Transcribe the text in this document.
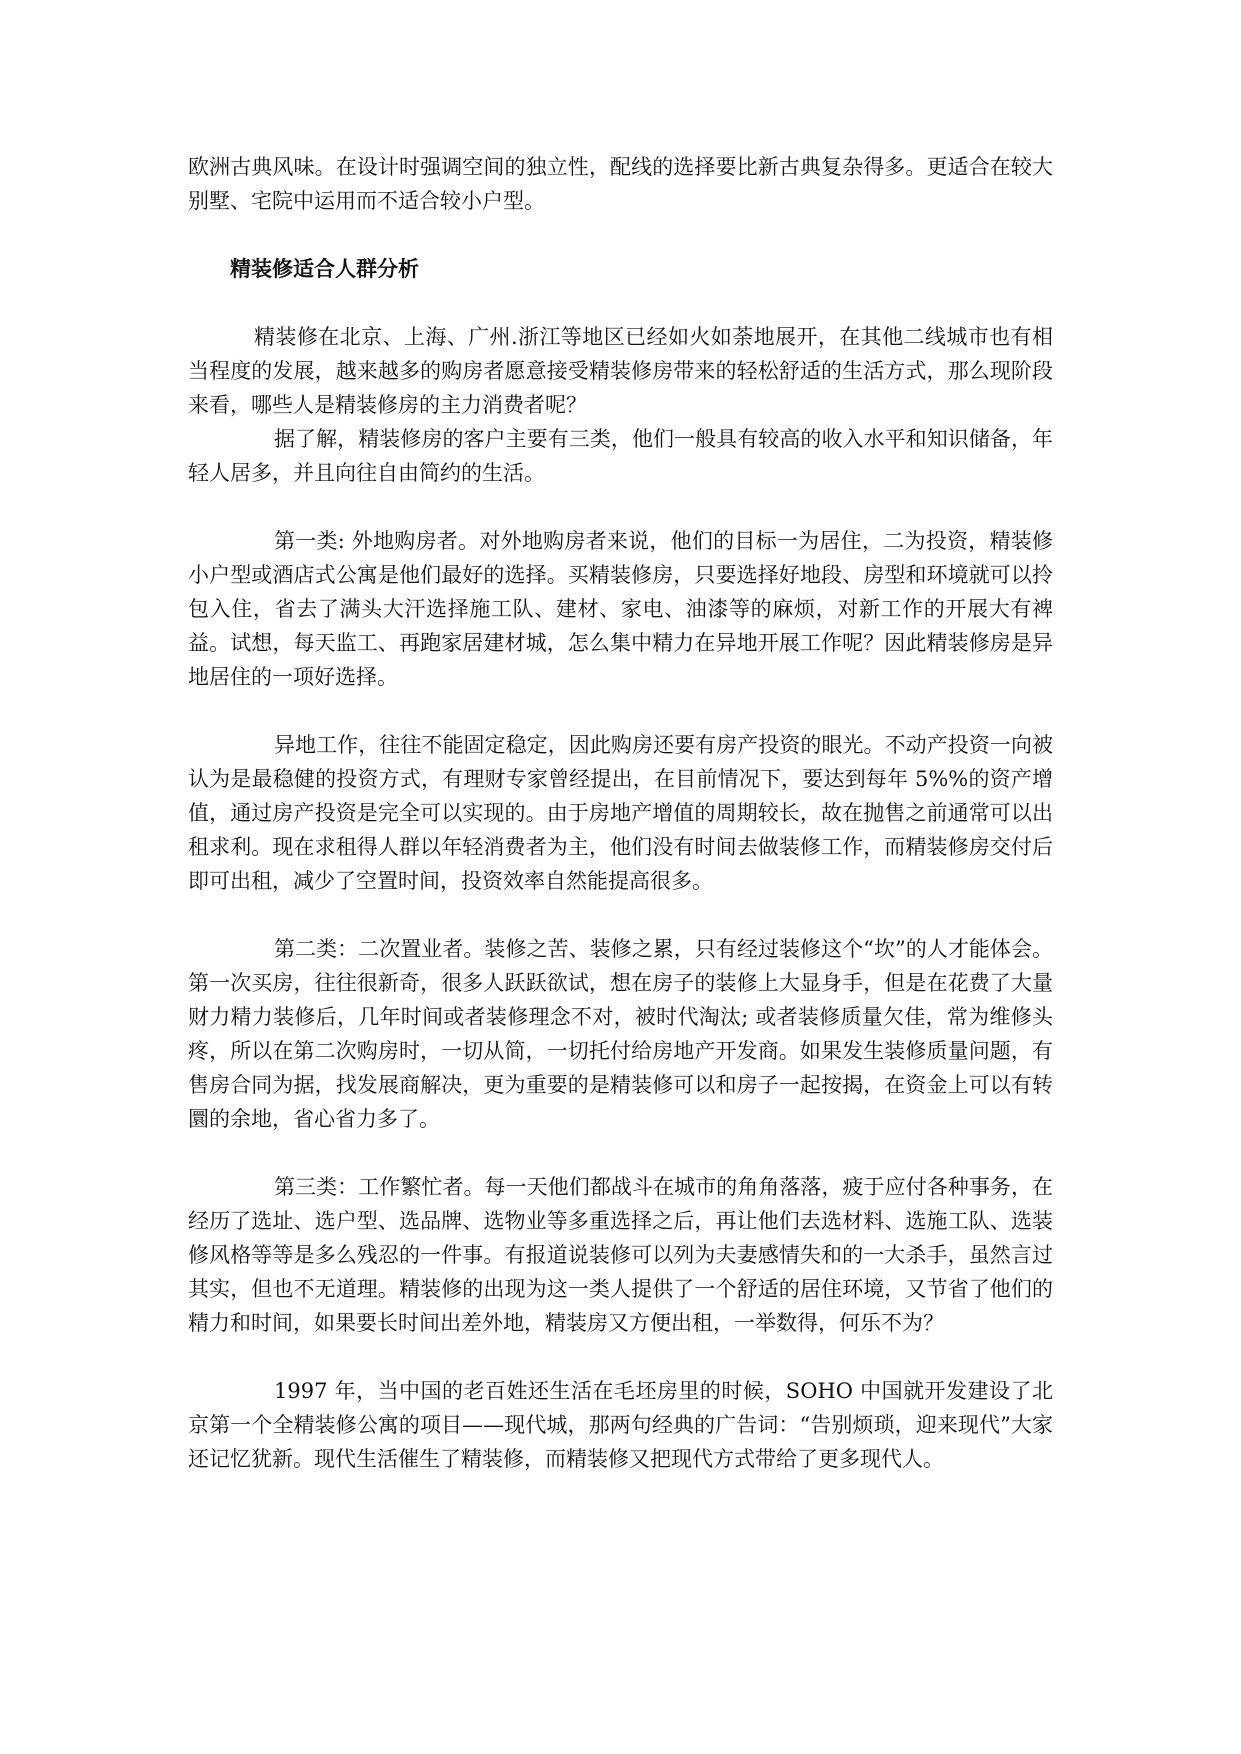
欧洲古典风味。在设计时强调空间的独立性，配线的选择要比新古典复杂得多。更适合在较大别墅、宅院中运用而不适合较小户型。

精装修适合人群分析

精装修在北京、上海、广州.浙江等地区已经如火如荼地展开，在其他二线城市也有相当程度的发展，越来越多的购房者愿意接受精装修房带来的轻松舒适的生活方式，那么现阶段来看，哪些人是精装修房的主力消费者呢？

据了解，精装修房的客户主要有三类，他们一般具有较高的收入水平和知识储备，年轻人居多，并且向往自由简约的生活。

第一类: 外地购房者。对外地购房者来说，他们的目标一为居住，二为投资，精装修小户型或酒店式公寓是他们最好的选择。买精装修房，只要选择好地段、房型和环境就可以拎包入住，省去了满头大汗选择施工队、建材、家电、油漆等的麻烦，对新工作的开展大有裨益。试想，每天监工、再跑家居建材城，怎么集中精力在异地开展工作呢？因此精装修房是异地居住的一项好选择。

异地工作，往往不能固定稳定，因此购房还要有房产投资的眼光。不动产投资一向被认为是最稳健的投资方式，有理财专家曾经提出，在目前情况下，要达到每年 5%%的资产增值，通过房产投资是完全可以实现的。由于房地产增值的周期较长，故在抛售之前通常可以出租求利。现在求租得人群以年轻消费者为主，他们没有时间去做装修工作，而精装修房交付后即可出租，减少了空置时间，投资效率自然能提高很多。

第二类：二次置业者。装修之苦、装修之累，只有经过装修这个“坎”的人才能体会。第一次买房，往往很新奇，很多人跃跃欲试，想在房子的装修上大显身手，但是在花费了大量财力精力装修后，几年时间或者装修理念不对，被时代淘汰; 或者装修质量欠佳，常为维修头疼，所以在第二次购房时，一切从简，一切托付给房地产开发商。如果发生装修质量问题，有售房合同为据，找发展商解决，更为重要的是精装修可以和房子一起按揭，在资金上可以有转圜的余地，省心省力多了。

第三类：工作繁忙者。每一天他们都战斗在城市的角角落落，疲于应付各种事务，在经历了选址、选户型、选品牌、选物业等多重选择之后，再让他们去选材料、选施工队、选装修风格等等是多么残忍的一件事。有报道说装修可以列为夫妻感情失和的一大杀手，虽然言过其实，但也不无道理。精装修的出现为这一类人提供了一个舒适的居住环境，又节省了他们的精力和时间，如果要长时间出差外地，精装房又方便出租，一举数得，何乐不为？

1997 年，当中国的老百姓还生活在毛坯房里的时候，SOHO 中国就开发建设了北京第一个全精装修公寓的项目——现代城，那两句经典的广告词：“告别烦琐，迎来现代”大家还记忆犹新。现代生活催生了精装修，而精装修又把现代方式带给了更多现代人。
